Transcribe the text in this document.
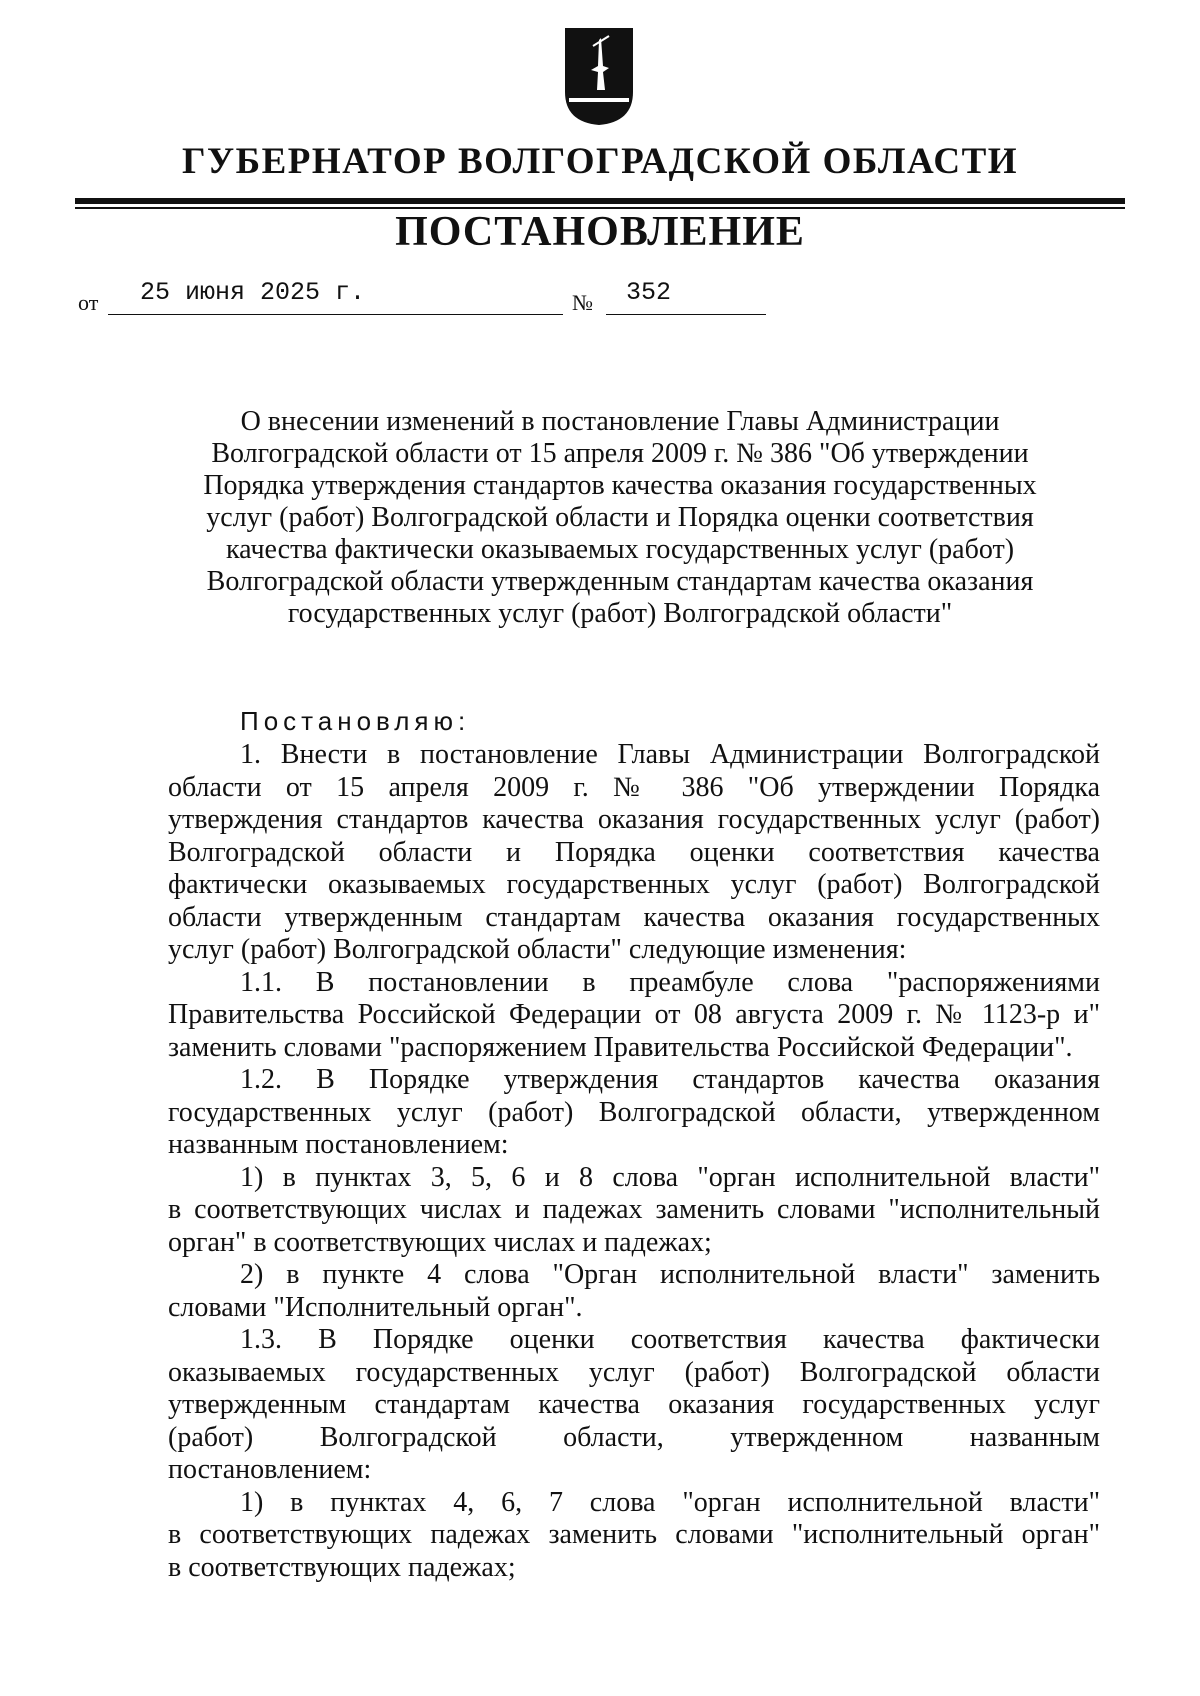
ГУБЕРНАТОР ВОЛГОГРАДСКОЙ ОБЛАСТИ
ПОСТАНОВЛЕНИЕ
от 25 июня 2025 г.	№ 352
О внесении изменений в постановление Главы Администрации
Волгоградской области от 15 апреля 2009 г. № 386 "Об утверждении
Порядка утверждения стандартов качества оказания государственных
услуг (работ) Волгоградской области и Порядка оценки соответствия
качества фактически оказываемых государственных услуг (работ)
Волгоградской области утвержденным стандартам качества оказания
государственных услуг (работ) Волгоградской области"
Постановляю:
1. Внести в постановление Главы Администрации Волгоградской
области от 15 апреля 2009 г. № 386 "Об утверждении Порядка
утверждения стандартов качества оказания государственных услуг (работ)
Волгоградской области и Порядка оценки соответствия качества
фактически оказываемых государственных услуг (работ) Волгоградской
области утвержденным стандартам качества оказания государственных
услуг (работ) Волгоградской области" следующие изменения:
1.1. В постановлении в преамбуле слова "распоряжениями
Правительства Российской Федерации от 08 августа 2009 г. № 1123-р и"
заменить словами "распоряжением Правительства Российской Федерации".
1.2. В Порядке утверждения стандартов качества оказания
государственных услуг (работ) Волгоградской области, утвержденном
названным постановлением:
1) в пунктах 3, 5, 6 и 8 слова "орган исполнительной власти"
в соответствующих числах и падежах заменить словами "исполнительный
орган" в соответствующих числах и падежах;
2) в пункте 4 слова "Орган исполнительной власти" заменить
словами "Исполнительный орган".
1.3. В Порядке оценки соответствия качества фактически
оказываемых государственных услуг (работ) Волгоградской области
утвержденным стандартам качества оказания государственных услуг
(работ) Волгоградской области, утвержденном названным
постановлением:
1) в пунктах 4, 6, 7 слова "орган исполнительной власти"
в соответствующих падежах заменить словами "исполнительный орган"
в соответствующих падежах;
